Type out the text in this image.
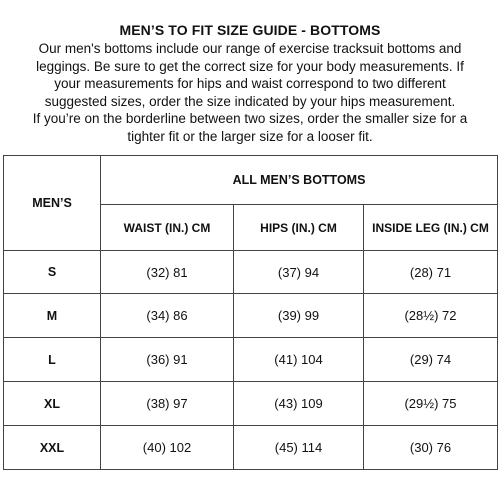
MEN’S TO FIT SIZE GUIDE - BOTTOMS
Our men's bottoms include our range of exercise tracksuit bottoms and
leggings. Be sure to get the correct size for your body measurements. If
your measurements for hips and waist correspond to two different
suggested sizes, order the size indicated by your hips measurement.
If you’re on the borderline between two sizes, order the smaller size for a
tighter fit or the larger size for a looser fit.
MEN’S	ALL MEN’S BOTTOMS		
	WAIST (IN.) CM	HIPS (IN.) CM	INSIDE LEG (IN.) CM
S	(32) 81	(37) 94	(28) 71
M	(34) 86	(39) 99	(28½) 72
L	(36) 91	(41) 104	(29) 74
XL	(38) 97	(43) 109	(29½) 75
XXL	(40) 102	(45) 114	(30) 76
